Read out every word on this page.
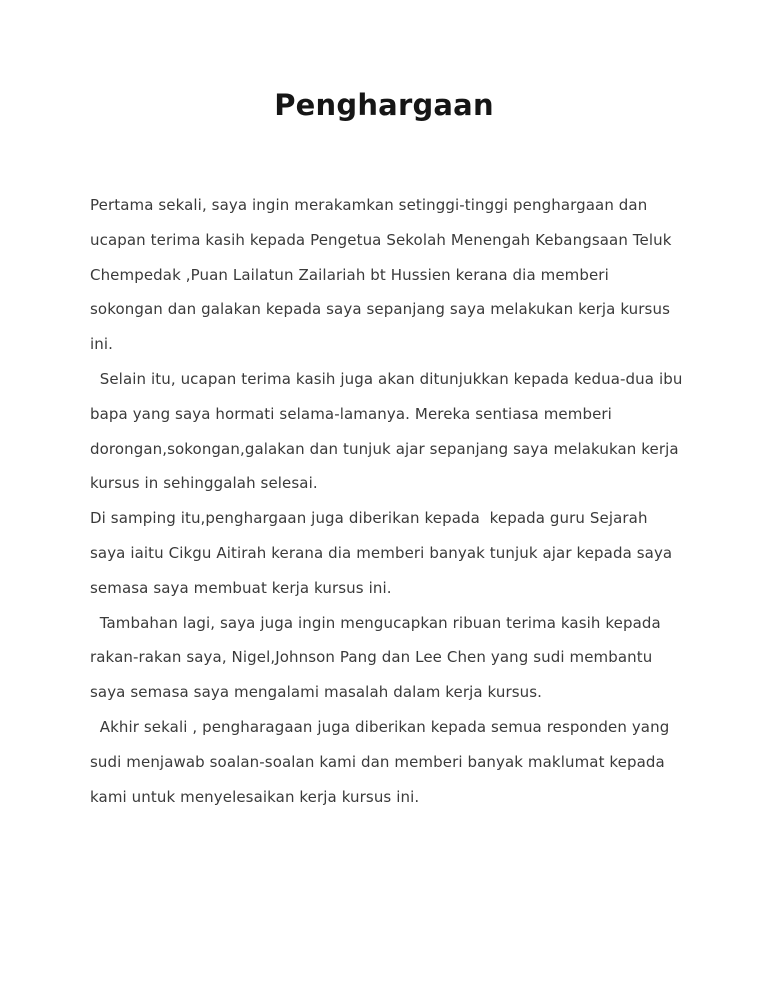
Penghargaan
Pertama sekali, saya ingin merakamkan setinggi-tinggi penghargaan dan
ucapan terima kasih kepada Pengetua Sekolah Menengah Kebangsaan Teluk
Chempedak ,Puan Lailatun Zailariah bt Hussien kerana dia memberi
sokongan dan galakan kepada saya sepanjang saya melakukan kerja kursus
ini.
Selain itu, ucapan terima kasih juga akan ditunjukkan kepada kedua-dua ibu
bapa yang saya hormati selama-lamanya. Mereka sentiasa memberi
dorongan,sokongan,galakan dan tunjuk ajar sepanjang saya melakukan kerja
kursus in sehinggalah selesai.
Di samping itu,penghargaan juga diberikan kepada  kepada guru Sejarah
saya iaitu Cikgu Aitirah kerana dia memberi banyak tunjuk ajar kepada saya
semasa saya membuat kerja kursus ini.
Tambahan lagi, saya juga ingin mengucapkan ribuan terima kasih kepada
rakan-rakan saya, Nigel,Johnson Pang dan Lee Chen yang sudi membantu
saya semasa saya mengalami masalah dalam kerja kursus.
Akhir sekali , pengharagaan juga diberikan kepada semua responden yang
sudi menjawab soalan-soalan kami dan memberi banyak maklumat kepada
kami untuk menyelesaikan kerja kursus ini.
